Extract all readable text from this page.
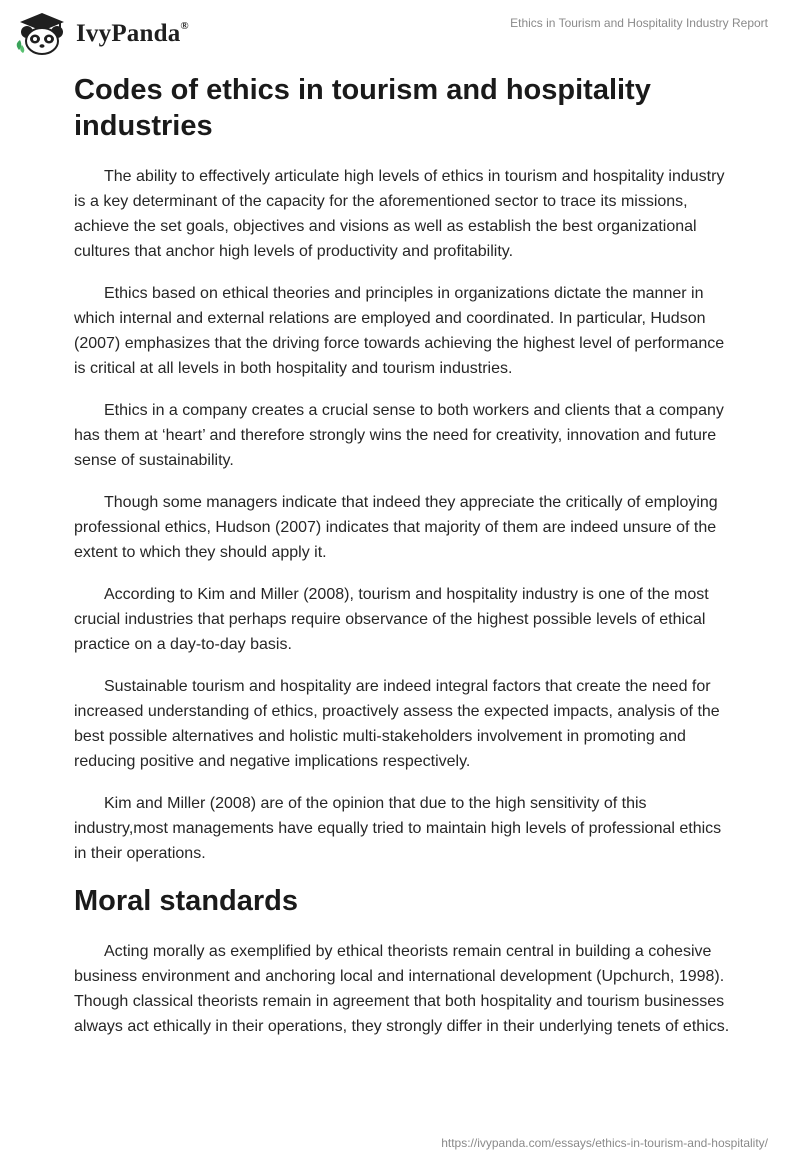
IvyPanda®	Ethics in Tourism and Hospitality Industry Report
Codes of ethics in tourism and hospitality industries

The ability to effectively articulate high levels of ethics in tourism and hospitality industry is a key determinant of the capacity for the aforementioned sector to trace its missions, achieve the set goals, objectives and visions as well as establish the best organizational cultures that anchor high levels of productivity and profitability.

Ethics based on ethical theories and principles in organizations dictate the manner in which internal and external relations are employed and coordinated. In particular, Hudson (2007) emphasizes that the driving force towards achieving the highest level of performance is critical at all levels in both hospitality and tourism industries.

Ethics in a company creates a crucial sense to both workers and clients that a company has them at ‘heart’ and therefore strongly wins the need for creativity, innovation and future sense of sustainability.

Though some managers indicate that indeed they appreciate the critically of employing professional ethics, Hudson (2007) indicates that majority of them are indeed unsure of the extent to which they should apply it.

According to Kim and Miller (2008), tourism and hospitality industry is one of the most crucial industries that perhaps require observance of the highest possible levels of ethical practice on a day-to-day basis.

Sustainable tourism and hospitality are indeed integral factors that create the need for increased understanding of ethics, proactively assess the expected impacts, analysis of the best possible alternatives and holistic multi-stakeholders involvement in promoting and reducing positive and negative implications respectively.

Kim and Miller (2008) are of the opinion that due to the high sensitivity of this industry,most managements have equally tried to maintain high levels of professional ethics in their operations.

Moral standards

Acting morally as exemplified by ethical theorists remain central in building a cohesive business environment and anchoring local and international development (Upchurch, 1998). Though classical theorists remain in agreement that both hospitality and tourism businesses always act ethically in their operations, they strongly differ in their underlying tenets of ethics.

https://ivypanda.com/essays/ethics-in-tourism-and-hospitality/
